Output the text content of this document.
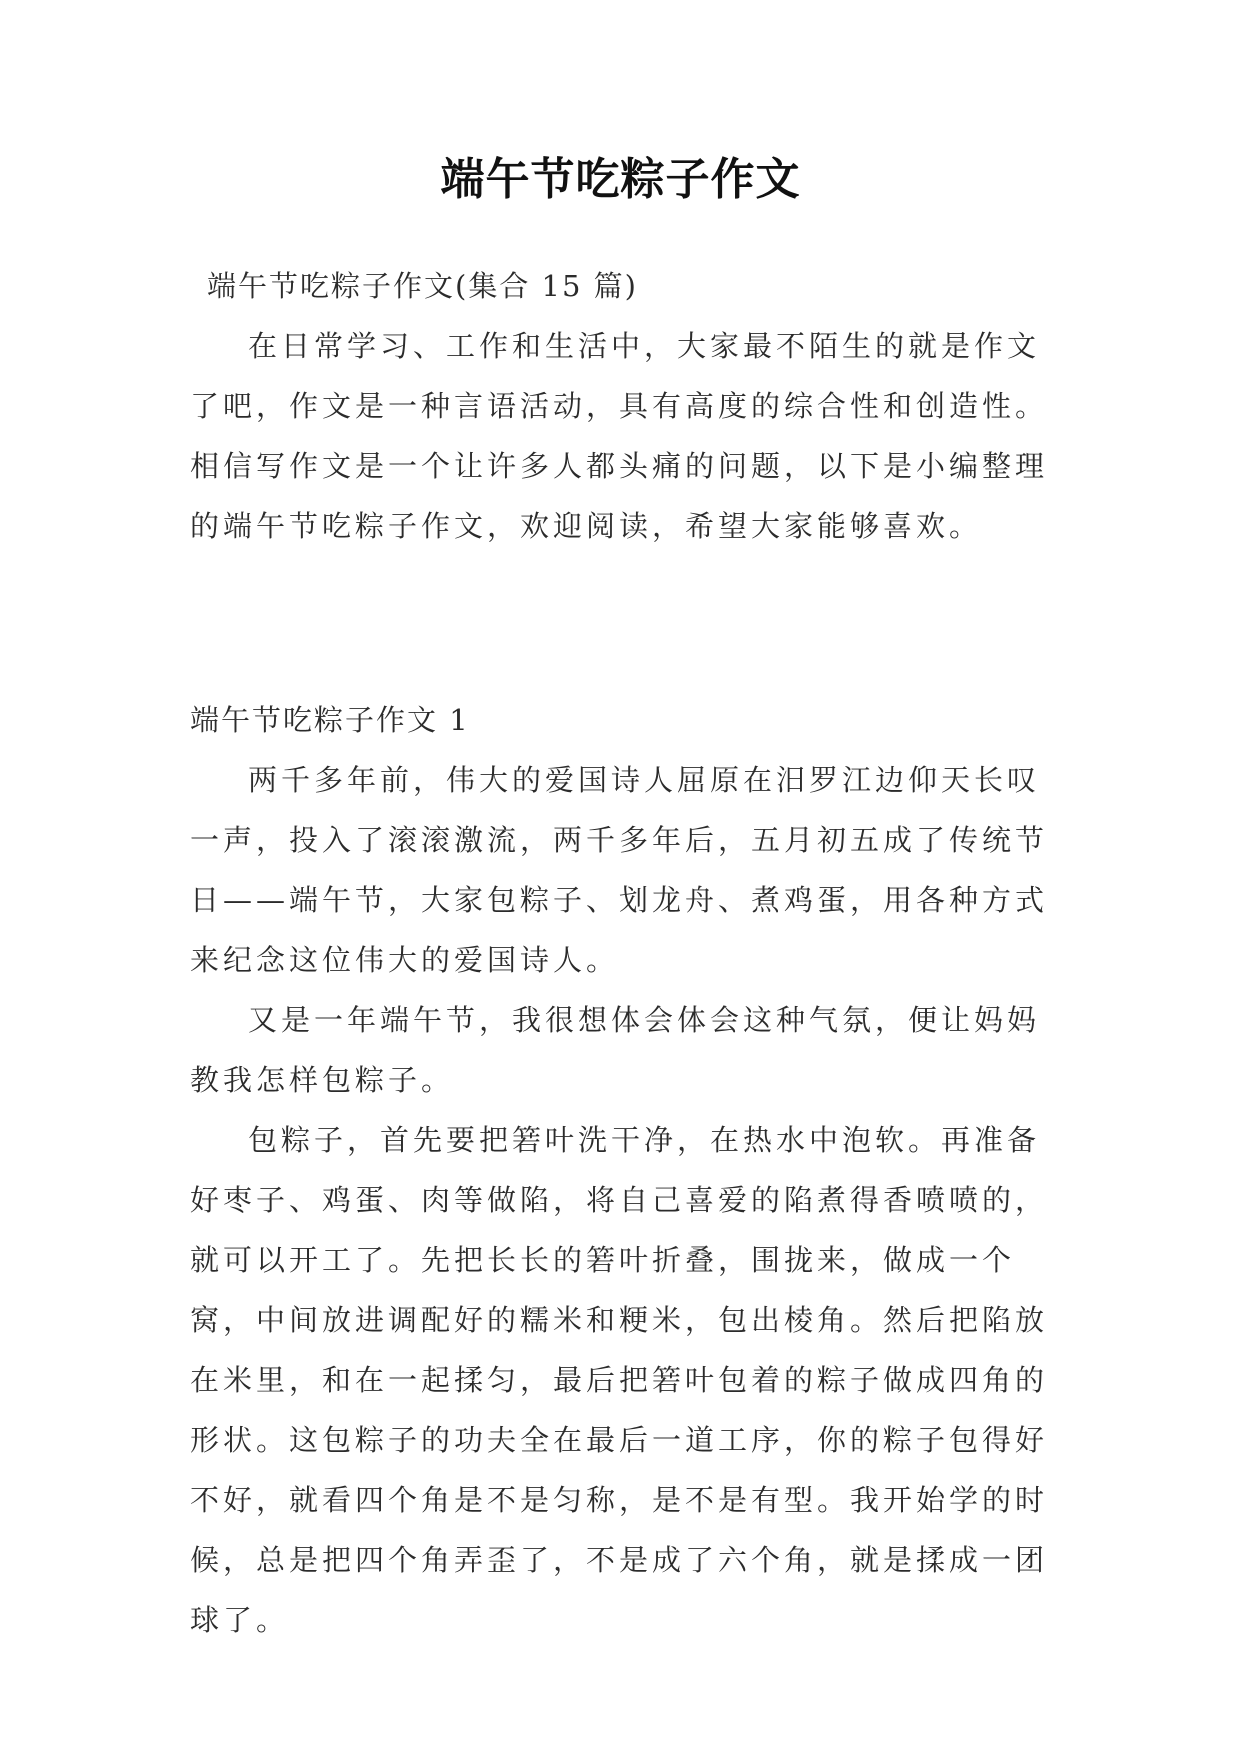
端午节吃粽子作文

端午节吃粽子作文(集合 15 篇)

在日常学习、工作和生活中，大家最不陌生的就是作文了吧，作文是一种言语活动，具有高度的综合性和创造性。相信写作文是一个让许多人都头痛的问题，以下是小编整理的端午节吃粽子作文，欢迎阅读，希望大家能够喜欢。

端午节吃粽子作文 1

两千多年前，伟大的爱国诗人屈原在汨罗江边仰天长叹一声，投入了滚滚激流，两千多年后，五月初五成了传统节日——端午节，大家包粽子、划龙舟、煮鸡蛋，用各种方式来纪念这位伟大的爱国诗人。

又是一年端午节，我很想体会体会这种气氛，便让妈妈教我怎样包粽子。

包粽子，首先要把箬叶洗干净，在热水中泡软。再准备好枣子、鸡蛋、肉等做陷，将自己喜爱的陷煮得香喷喷的，就可以开工了。先把长长的箬叶折叠，围拢来，做成一个窝，中间放进调配好的糯米和粳米，包出棱角。然后把陷放在米里，和在一起揉匀，最后把箬叶包着的粽子做成四角的形状。这包粽子的功夫全在最后一道工序，你的粽子包得好不好，就看四个角是不是匀称，是不是有型。我开始学的时候，总是把四个角弄歪了，不是成了六个角，就是揉成一团球了。
